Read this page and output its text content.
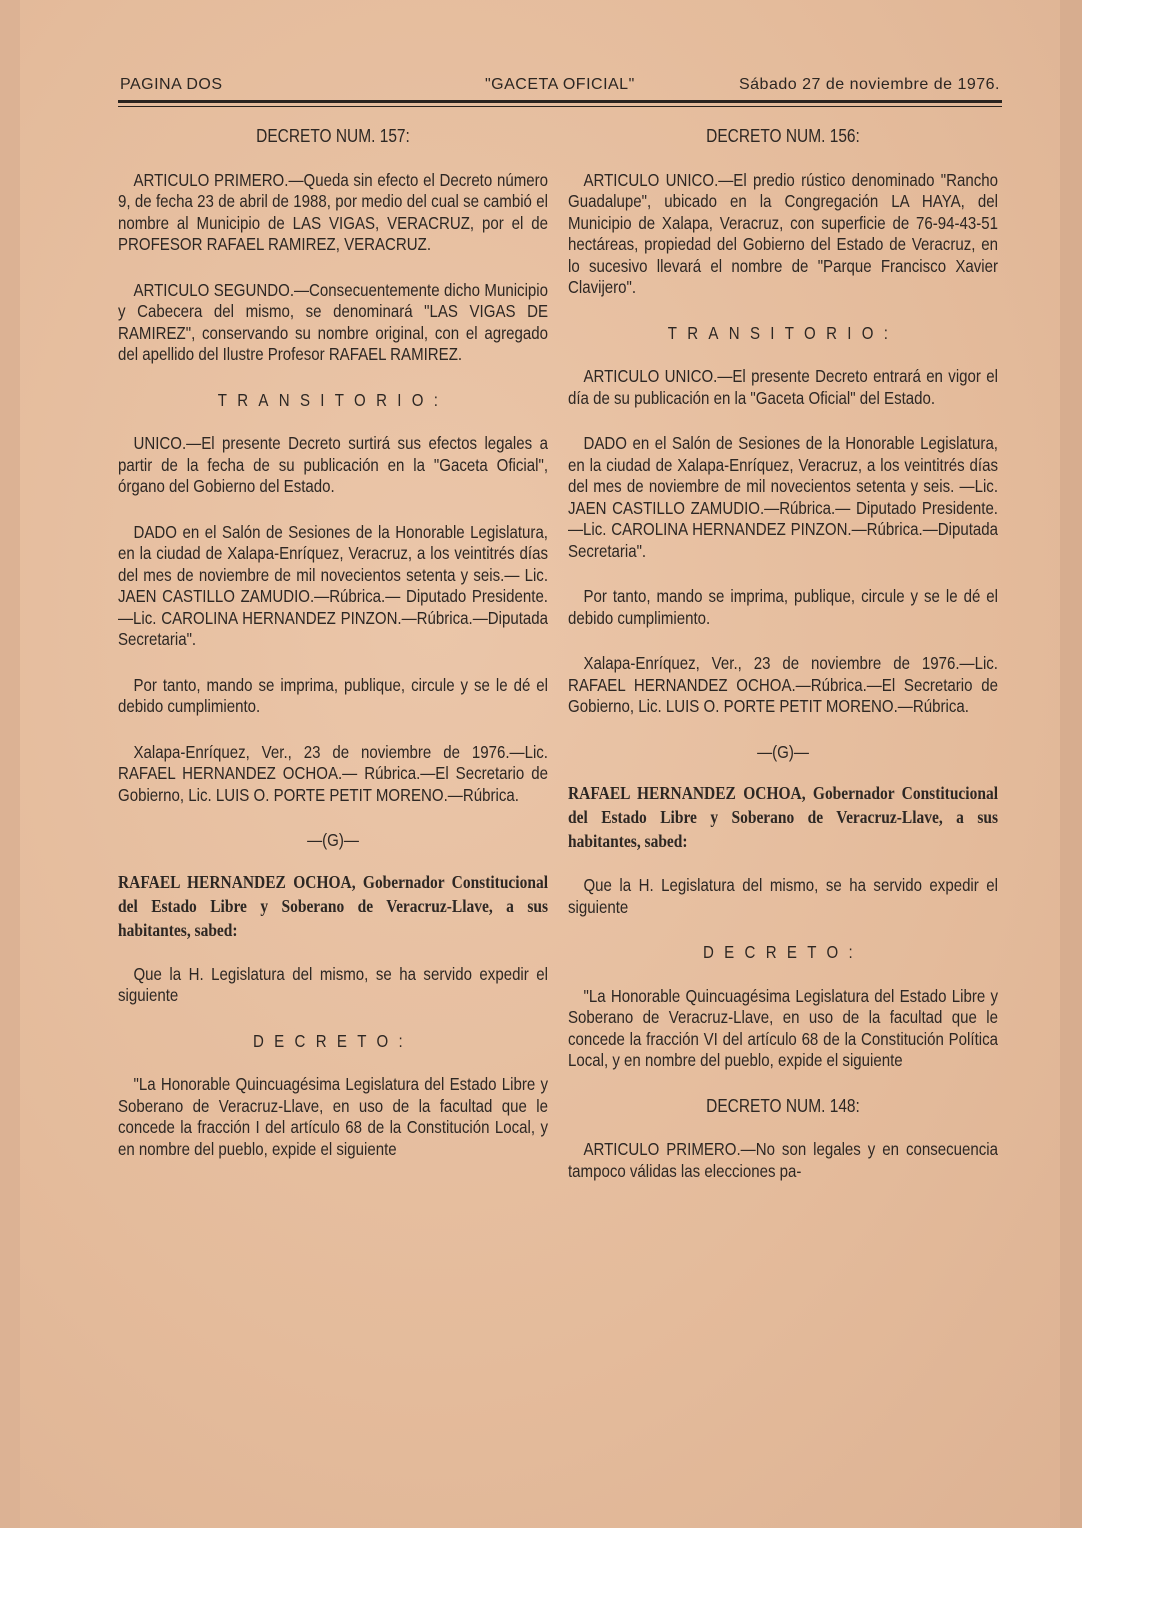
PAGINA DOS	"GACETA OFICIAL"	Sábado 27 de noviembre de 1976.

DECRETO NUM. 157:

ARTICULO PRIMERO.—Queda sin efecto el Decreto número 9, de fecha 23 de abril de 1988, por medio del cual se cambió el nombre al Municipio de LAS VIGAS, VERACRUZ, por el de PROFESOR RAFAEL RAMIREZ, VERACRUZ.

ARTICULO SEGUNDO.—Consecuentemente dicho Municipio y Cabecera del mismo, se denominará "LAS VIGAS DE RAMIREZ", conservando su nombre original, con el agregado del apellido del Ilustre Profesor RAFAEL RAMIREZ.

TRANSITORIO:

UNICO.—El presente Decreto surtirá sus efectos legales a partir de la fecha de su publicación en la "Gaceta Oficial", órgano del Gobierno del Estado.

DADO en el Salón de Sesiones de la Honorable Legislatura, en la ciudad de Xalapa-Enríquez, Veracruz, a los veintitrés días del mes de noviembre de mil novecientos setenta y seis.— Lic. JAEN CASTILLO ZAMUDIO.—Rúbrica.— Diputado Presidente.—Lic. CAROLINA HERNANDEZ PINZON.—Rúbrica.—Diputada Secretaria".

Por tanto, mando se imprima, publique, circule y se le dé el debido cumplimiento.

Xalapa-Enríquez, Ver., 23 de noviembre de 1976.—Lic. RAFAEL HERNANDEZ OCHOA.— Rúbrica.—El Secretario de Gobierno, Lic. LUIS O. PORTE PETIT MORENO.—Rúbrica.

—(G)—

RAFAEL HERNANDEZ OCHOA, Gobernador Constitucional del Estado Libre y Soberano de Veracruz-Llave, a sus habitantes, sabed:

Que la H. Legislatura del mismo, se ha servido expedir el siguiente

DECRETO:

"La Honorable Quincuagésima Legislatura del Estado Libre y Soberano de Veracruz-Llave, en uso de la facultad que le concede la fracción I del artículo 68 de la Constitución Local, y en nombre del pueblo, expide el siguiente

DECRETO NUM. 156:

ARTICULO UNICO.—El predio rústico denominado "Rancho Guadalupe", ubicado en la Congregación LA HAYA, del Municipio de Xalapa, Veracruz, con superficie de 76-94-43-51 hectáreas, propiedad del Gobierno del Estado de Veracruz, en lo sucesivo llevará el nombre de "Parque Francisco Xavier Clavijero".

TRANSITORIO:

ARTICULO UNICO.—El presente Decreto entrará en vigor el día de su publicación en la "Gaceta Oficial" del Estado.

DADO en el Salón de Sesiones de la Honorable Legislatura, en la ciudad de Xalapa-Enríquez, Veracruz, a los veintitrés días del mes de noviembre de mil novecientos setenta y seis. —Lic. JAEN CASTILLO ZAMUDIO.—Rúbrica.— Diputado Presidente.—Lic. CAROLINA HERNANDEZ PINZON.—Rúbrica.—Diputada Secretaria".

Por tanto, mando se imprima, publique, circule y se le dé el debido cumplimiento.

Xalapa-Enríquez, Ver., 23 de noviembre de 1976.—Lic. RAFAEL HERNANDEZ OCHOA.—Rúbrica.—El Secretario de Gobierno, Lic. LUIS O. PORTE PETIT MORENO.—Rúbrica.

—(G)—

RAFAEL HERNANDEZ OCHOA, Gobernador Constitucional del Estado Libre y Soberano de Veracruz-Llave, a sus habitantes, sabed:

Que la H. Legislatura del mismo, se ha servido expedir el siguiente

DECRETO:

"La Honorable Quincuagésima Legislatura del Estado Libre y Soberano de Veracruz-Llave, en uso de la facultad que le concede la fracción VI del artículo 68 de la Constitución Política Local, y en nombre del pueblo, expide el siguiente

DECRETO NUM. 148:

ARTICULO PRIMERO.—No son legales y en consecuencia tampoco válidas las elecciones pa-
